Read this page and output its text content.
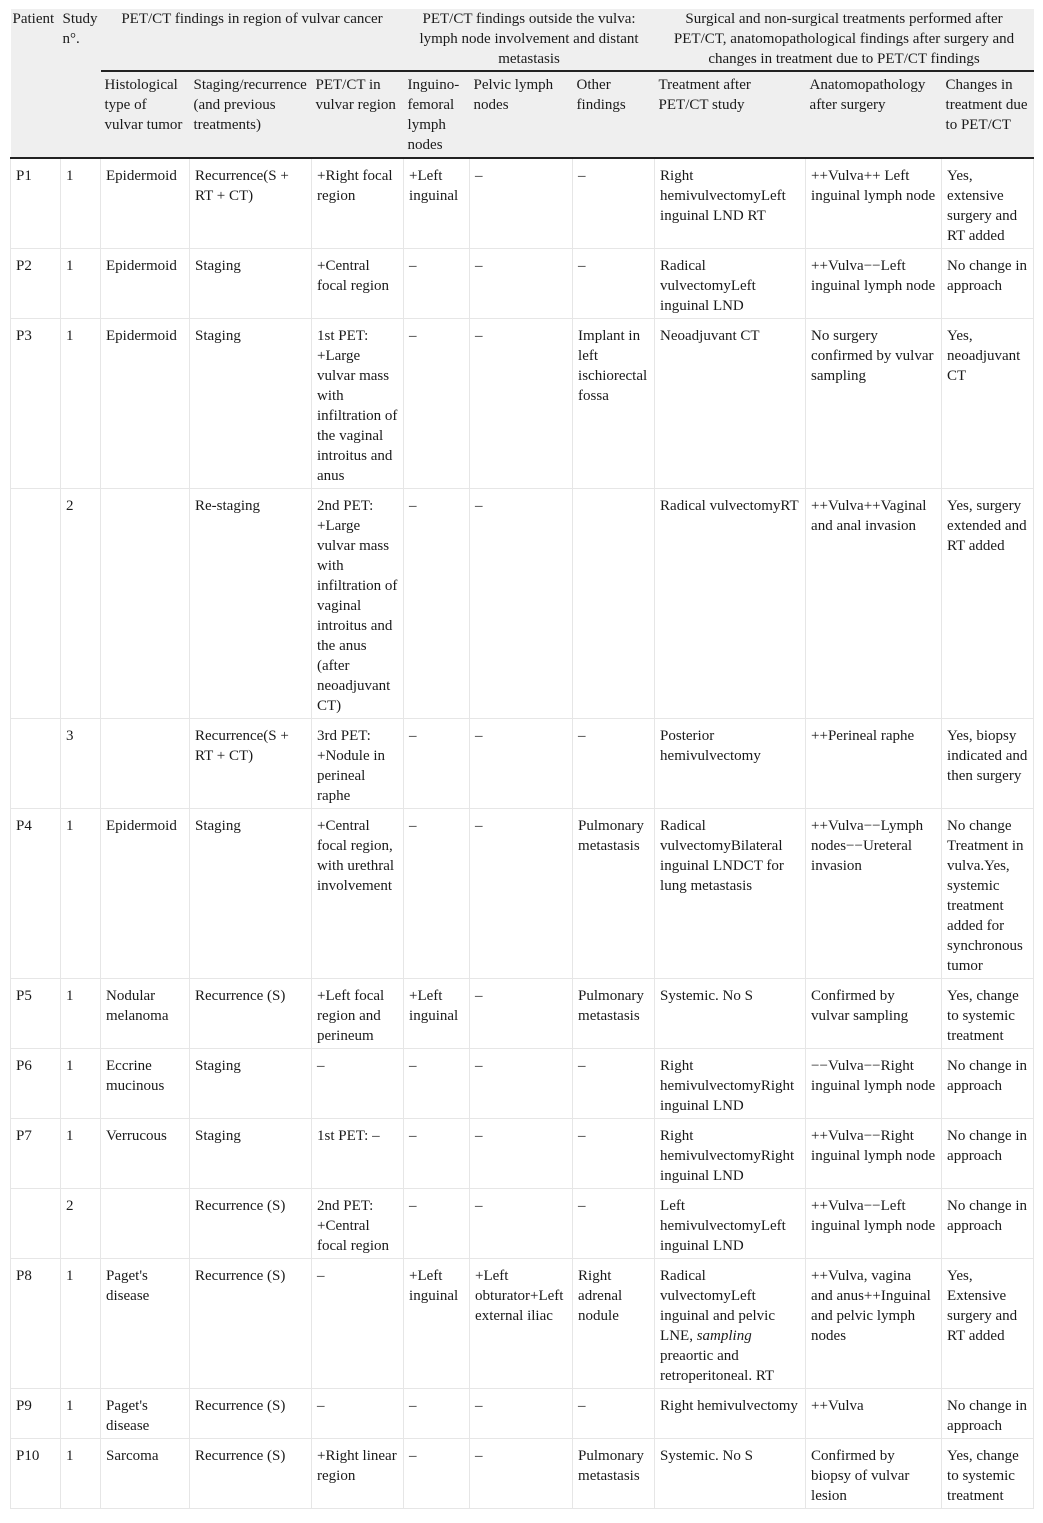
Patient	Study n°.	PET/CT findings in region of vulvar cancer			PET/CT findings outside the vulva: lymph node involvement and distant metastasis			Surgical and non-surgical treatments performed after PET/CT, anatomopathological findings after surgery and changes in treatment due to PET/CT findings		
		Histological type of vulvar tumor	Staging/recurrence (and previous treatments)	PET/CT in vulvar region	Inguino-femoral lymph nodes	Pelvic lymph nodes	Other findings	Treatment after PET/CT study	Anatomopathology after surgery	Changes in treatment due to PET/CT
P1	1	Epidermoid	Recurrence(S + RT + CT)	+Right focal region	+Left inguinal	–	–	Right hemivulvectomyLeft inguinal LND RT	++Vulva++ Left inguinal lymph node	Yes, extensive surgery and RT added
P2	1	Epidermoid	Staging	+Central focal region	–	–	–	Radical vulvectomyLeft inguinal LND	++Vulva−−Left inguinal lymph node	No change in approach
P3	1	Epidermoid	Staging	1st PET: +Large vulvar mass with infiltration of the vaginal introitus and anus	–	–	Implant in left ischiorectal fossa	Neoadjuvant CT	No surgery confirmed by vulvar sampling	Yes, neoadjuvant CT
	2		Re-staging	2nd PET: +Large vulvar mass with infiltration of vaginal introitus and the anus (after neoadjuvant CT)	–	–		Radical vulvectomyRT	++Vulva++Vaginal and anal invasion	Yes, surgery extended and RT added
	3		Recurrence(S + RT + CT)	3rd PET: +Nodule in perineal raphe	–	–	–	Posterior hemivulvectomy	++Perineal raphe	Yes, biopsy indicated and then surgery
P4	1	Epidermoid	Staging	+Central focal region, with urethral involvement	–	–	Pulmonary metastasis	Radical vulvectomyBilateral inguinal LNDCT for lung metastasis	++Vulva−−Lymph nodes−−Ureteral invasion	No change Treatment in vulva.Yes, systemic treatment added for synchronous tumor
P5	1	Nodular melanoma	Recurrence (S)	+Left focal region and perineum	+Left inguinal	–	Pulmonary metastasis	Systemic. No S	Confirmed by vulvar sampling	Yes, change to systemic treatment
P6	1	Eccrine mucinous	Staging	–	–	–	–	Right hemivulvectomyRight inguinal LND	−−Vulva−−Right inguinal lymph node	No change in approach
P7	1	Verrucous	Staging	1st PET: –	–	–	–	Right hemivulvectomyRight inguinal LND	++Vulva−−Right inguinal lymph node	No change in approach
	2		Recurrence (S)	2nd PET: +Central focal region	–	–	–	Left hemivulvectomyLeft inguinal LND	++Vulva−−Left inguinal lymph node	No change in approach
P8	1	Paget's disease	Recurrence (S)	–	+Left inguinal	+Left obturator+Left external iliac	Right adrenal nodule	Radical vulvectomyLeft inguinal and pelvic LNE, sampling preaortic and retroperitoneal. RT	++Vulva, vagina and anus++Inguinal and pelvic lymph nodes	Yes, Extensive surgery and RT added
P9	1	Paget's disease	Recurrence (S)	–	–	–	–	Right hemivulvectomy	++Vulva	No change in approach
P10	1	Sarcoma	Recurrence (S)	+Right linear region	–	–	Pulmonary metastasis	Systemic. No S	Confirmed by biopsy of vulvar lesion	Yes, change to systemic treatment
